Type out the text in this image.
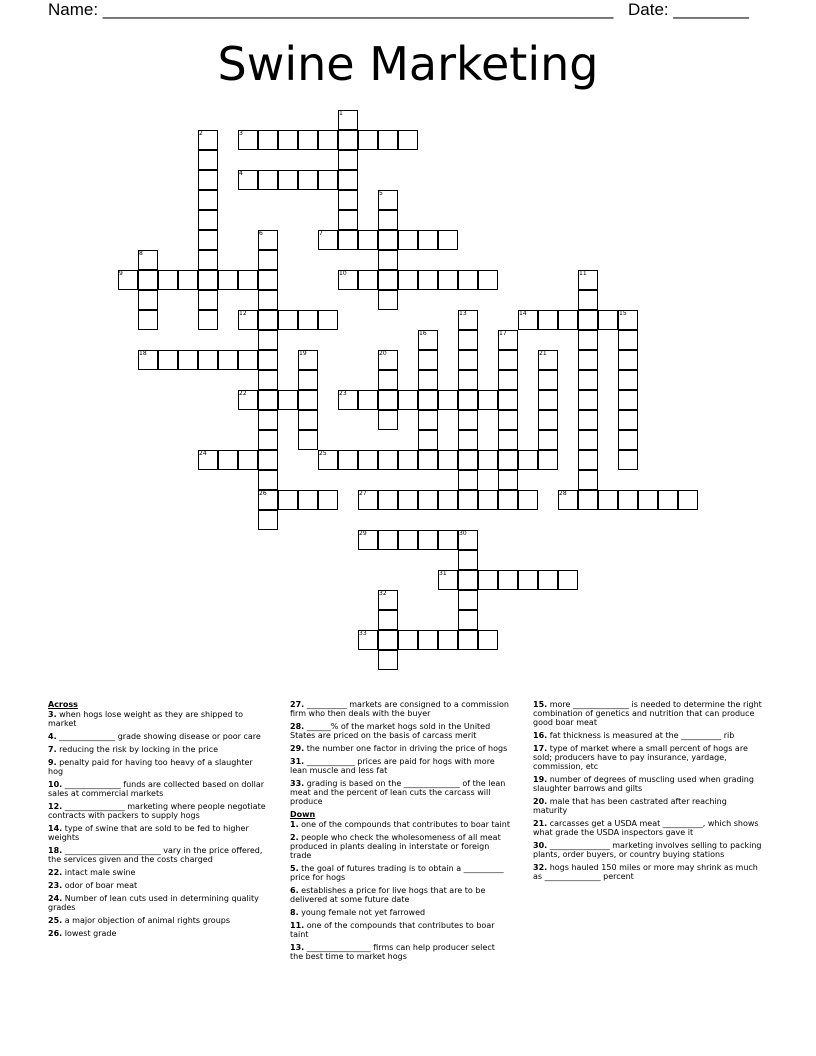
Name: ______________________________________________________ Date: ________
Swine Marketing
1
2	3
4
5
6	7
8
9	10	11
12	13	14	15
16	17
18	19	20	21
22	23
24	25
26	27	28
29	30
31
32
33
Across
3. when hogs lose weight as they are shipped to market
4. ______________ grade showing disease or poor care
7. reducing the risk by locking in the price
9. penalty paid for having too heavy of a slaughter hog
10. ______________ funds are collected based on dollar sales at commercial markets
12. _______________ marketing where people negotiate contracts with packers to supply hogs
14. type of swine that are sold to be fed to higher weights
18. ________________________ vary in the price offered, the services given and the costs charged
22. intact male swine
23. odor of boar meat
24. Number of lean cuts used in determining quality grades
25. a major objection of animal rights groups
26. lowest grade
27. __________ markets are consigned to a commission firm who then deals with the buyer
28. ______% of the market hogs sold in the United States are priced on the basis of carcass merit
29. the number one factor in driving the price of hogs
31. ____________ prices are paid for hogs with more lean muscle and less fat
33. grading is based on the ______________ of the lean meat and the percent of lean cuts the carcass will produce
Down
1. one of the compounds that contributes to boar taint
2. people who check the wholesomeness of all meat produced in plants dealing in interstate or foreign trade
5. the goal of futures trading is to obtain a __________ price for hogs
6. establishes a price for live hogs that are to be delivered at some future date
8. young female not yet farrowed
11. one of the compounds that contributes to boar taint
13. ________________ firms can help producer select the best time to market hogs
15. more ______________ is needed to determine the right combination of genetics and nutrition that can produce good boar meat
16. fat thickness is measured at the __________ rib
17. type of market where a small percent of hogs are sold; producers have to pay insurance, yardage, commission, etc
19. number of degrees of muscling used when grading slaughter barrows and gilts
20. male that has been castrated after reaching maturity
21. carcasses get a USDA meat __________, which shows what grade the USDA inspectors gave it
30. _______________ marketing involves selling to packing plants, order buyers, or country buying stations
32. hogs hauled 150 miles or more may shrink as much as ______________ percent
